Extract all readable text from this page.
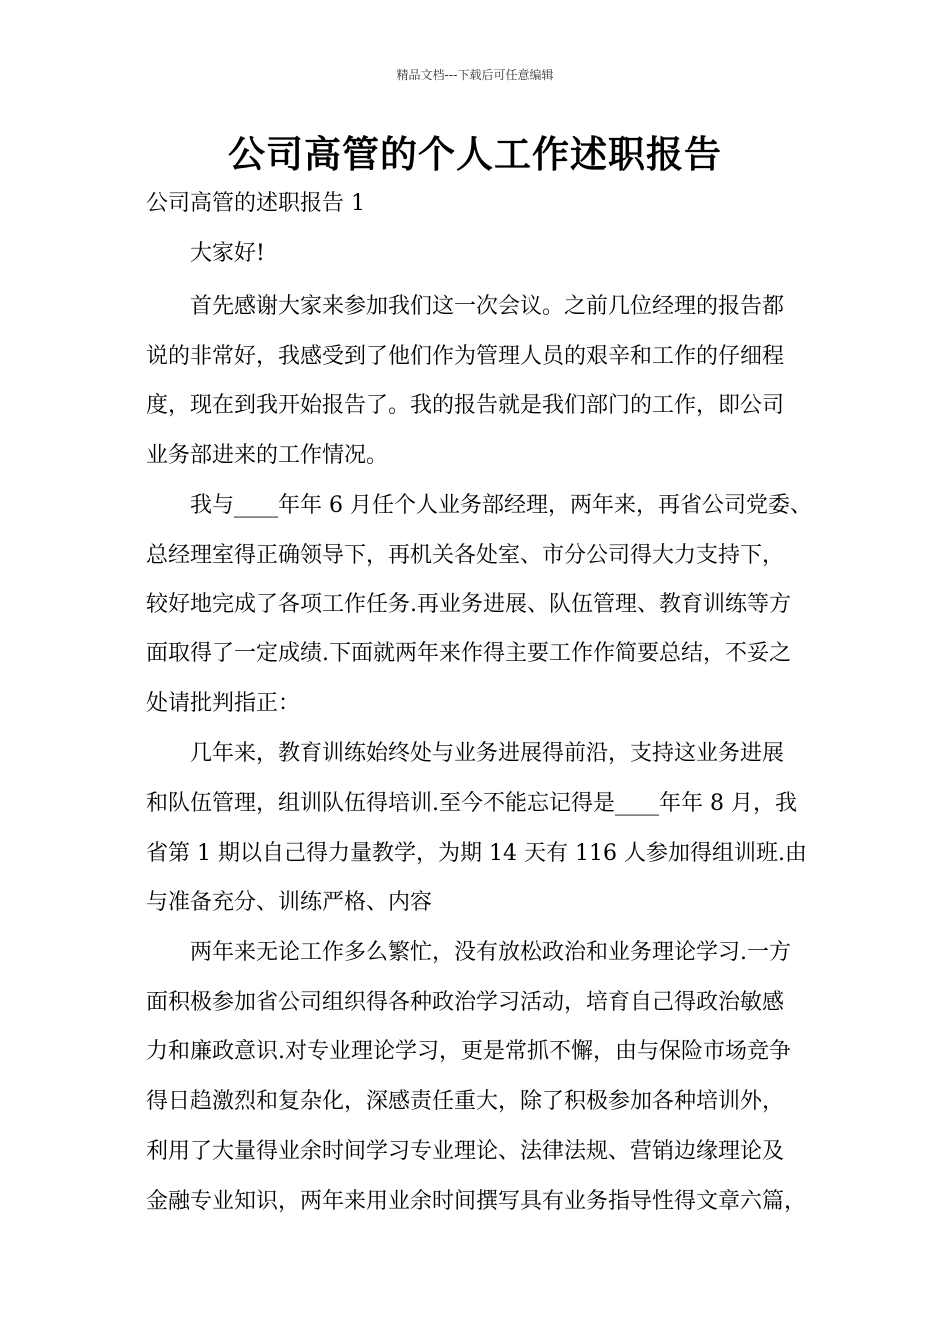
精品文档---下载后可任意编辑
公司高管的个人工作述职报告
公司高管的述职报告 1
大家好!
首先感谢大家来参加我们这一次会议。之前几位经理的报告都
说的非常好，我感受到了他们作为管理人员的艰辛和工作的仔细程
度，现在到我开始报告了。我的报告就是我们部门的工作，即公司
业务部进来的工作情况。
我与____年年 6 月任个人业务部经理，两年来，再省公司党委、
总经理室得正确领导下，再机关各处室、市分公司得大力支持下，
较好地完成了各项工作任务.再业务进展、队伍管理、教育训练等方
面取得了一定成绩.下面就两年来作得主要工作作简要总结，不妥之
处请批判指正：
几年来，教育训练始终处与业务进展得前沿，支持这业务进展
和队伍管理，组训队伍得培训.至今不能忘记得是____年年 8 月，我
省第 1 期以自己得力量教学，为期 14 天有 116 人参加得组训班.由
与准备充分、训练严格、内容
两年来无论工作多么繁忙，没有放松政治和业务理论学习.一方
面积极参加省公司组织得各种政治学习活动，培育自己得政治敏感
力和廉政意识.对专业理论学习，更是常抓不懈，由与保险市场竞争
得日趋激烈和复杂化，深感责任重大，除了积极参加各种培训外，
利用了大量得业余时间学习专业理论、法律法规、营销边缘理论及
金融专业知识，两年来用业余时间撰写具有业务指导性得文章六篇，
